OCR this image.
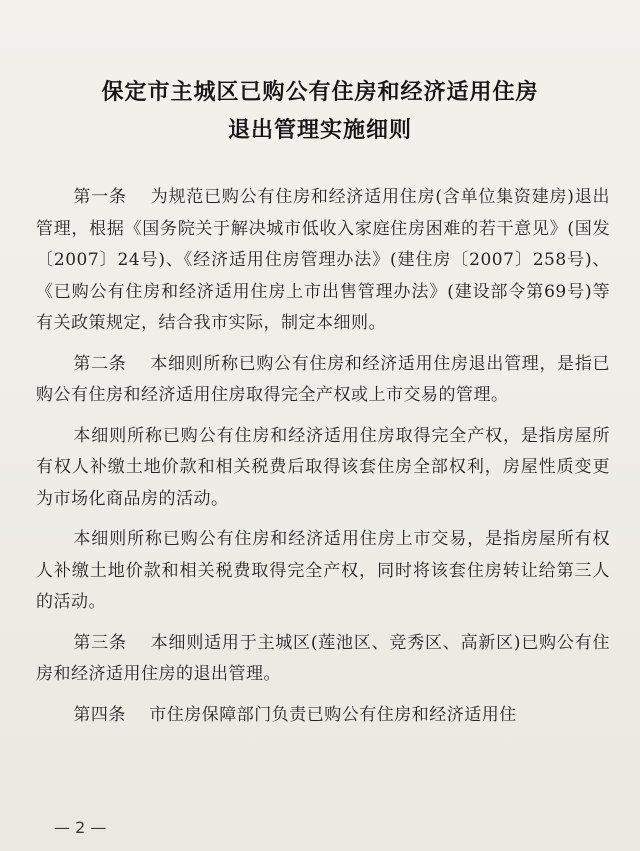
保定市主城区已购公有住房和经济适用住房
退出管理实施细则

第一条　 为规范已购公有住房和经济适用住房(含单位集资建房)退出管理，根据《国务院关于解决城市低收入家庭住房困难的若干意见》(国发〔2007〕24号)、《经济适用住房管理办法》(建住房〔2007〕258号)、《已购公有住房和经济适用住房上市出售管理办法》(建设部令第69号)等有关政策规定，结合我市实际，制定本细则。

第二条　 本细则所称已购公有住房和经济适用住房退出管理，是指已购公有住房和经济适用住房取得完全产权或上市交易的管理。

本细则所称已购公有住房和经济适用住房取得完全产权，是指房屋所有权人补缴土地价款和相关税费后取得该套住房全部权利，房屋性质变更为市场化商品房的活动。

本细则所称已购公有住房和经济适用住房上市交易，是指房屋所有权人补缴土地价款和相关税费取得完全产权，同时将该套住房转让给第三人的活动。

第三条　 本细则适用于主城区(莲池区、竞秀区、高新区)已购公有住房和经济适用住房的退出管理。

第四条　 市住房保障部门负责已购公有住房和经济适用住

— 2 —
